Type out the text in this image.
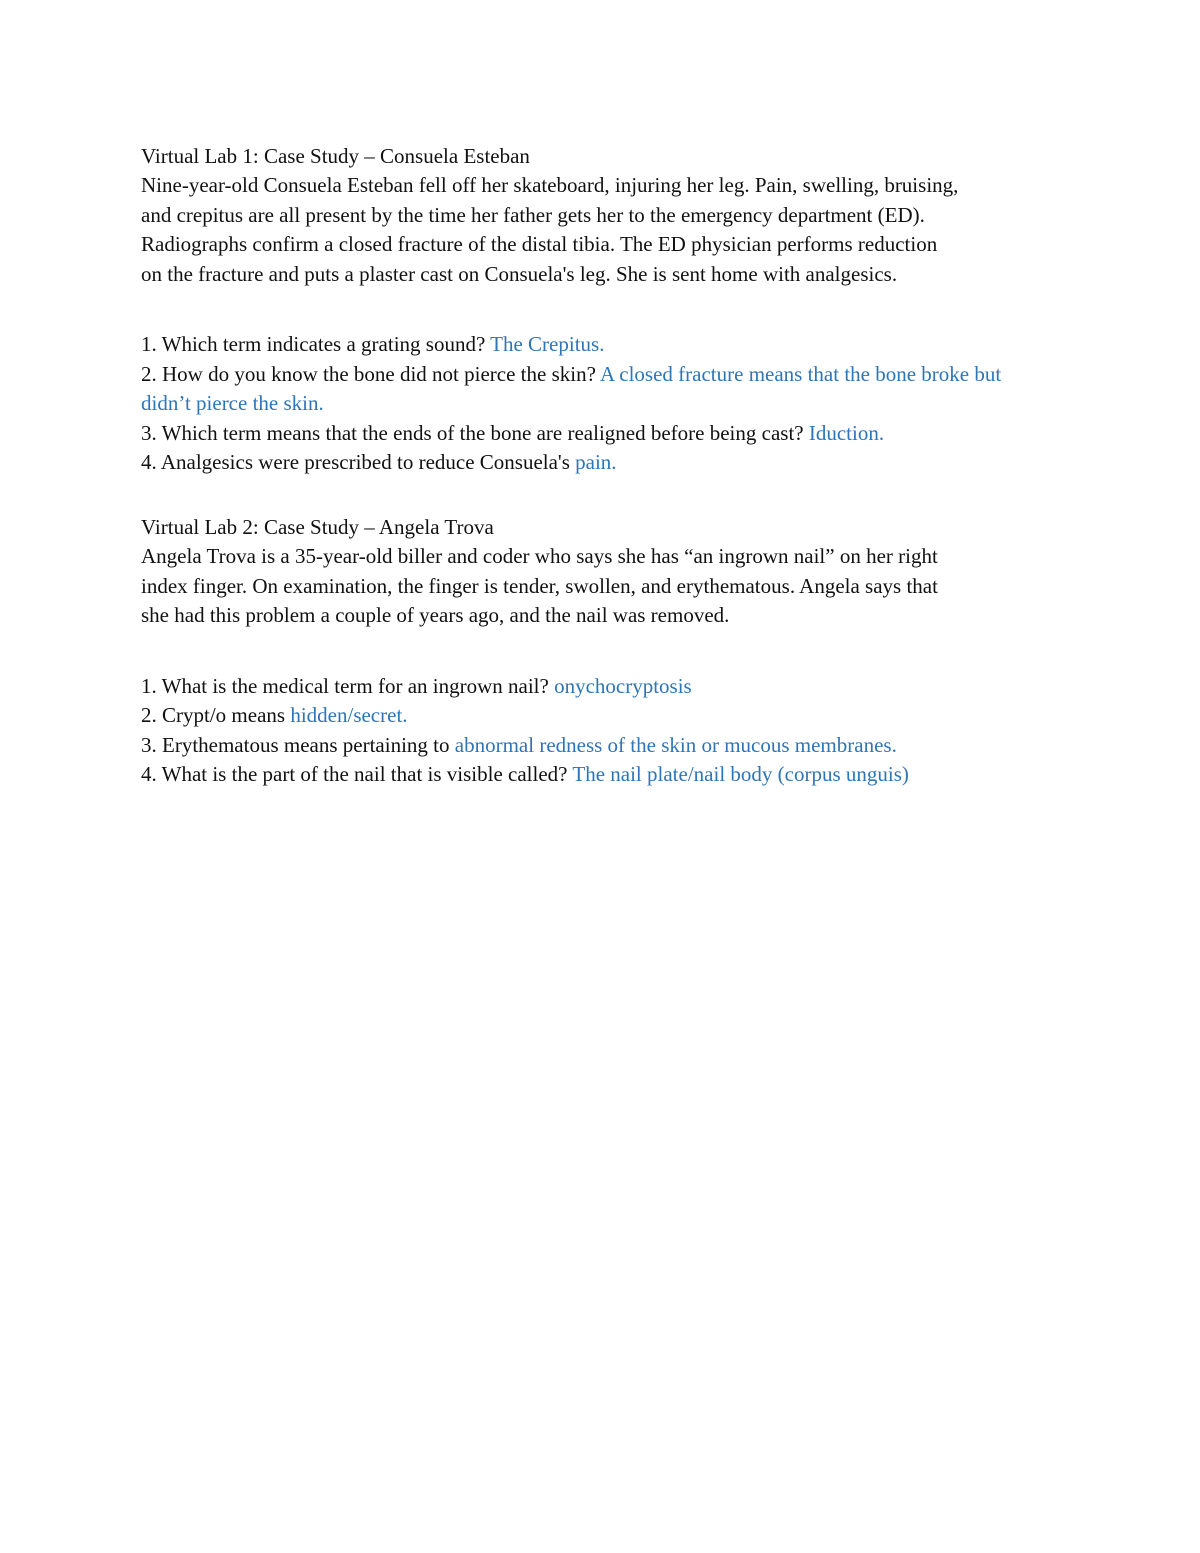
Virtual Lab 1: Case Study – Consuela Esteban

Nine-year-old Consuela Esteban fell off her skateboard, injuring her leg. Pain, swelling, bruising,
and crepitus are all present by the time her father gets her to the emergency department (ED).
Radiographs confirm a closed fracture of the distal tibia. The ED physician performs reduction
on the fracture and puts a plaster cast on Consuela's leg. She is sent home with analgesics.

1. Which term indicates a grating sound? The Crepitus.

2. How do you know the bone did not pierce the skin? A closed fracture means that the bone broke but didn’t pierce the skin.

3. Which term means that the ends of the bone are realigned before being cast? Iduction.

4. Analgesics were prescribed to reduce Consuela's pain.

Virtual Lab 2: Case Study – Angela Trova

Angela Trova is a 35-year-old biller and coder who says she has “an ingrown nail” on her right
index finger. On examination, the finger is tender, swollen, and erythematous. Angela says that
she had this problem a couple of years ago, and the nail was removed.

1. What is the medical term for an ingrown nail? onychocryptosis

2. Crypt/o means hidden/secret.

3. Erythematous means pertaining to abnormal redness of the skin or mucous membranes.

4. What is the part of the nail that is visible called? The nail plate/nail body (corpus unguis)
